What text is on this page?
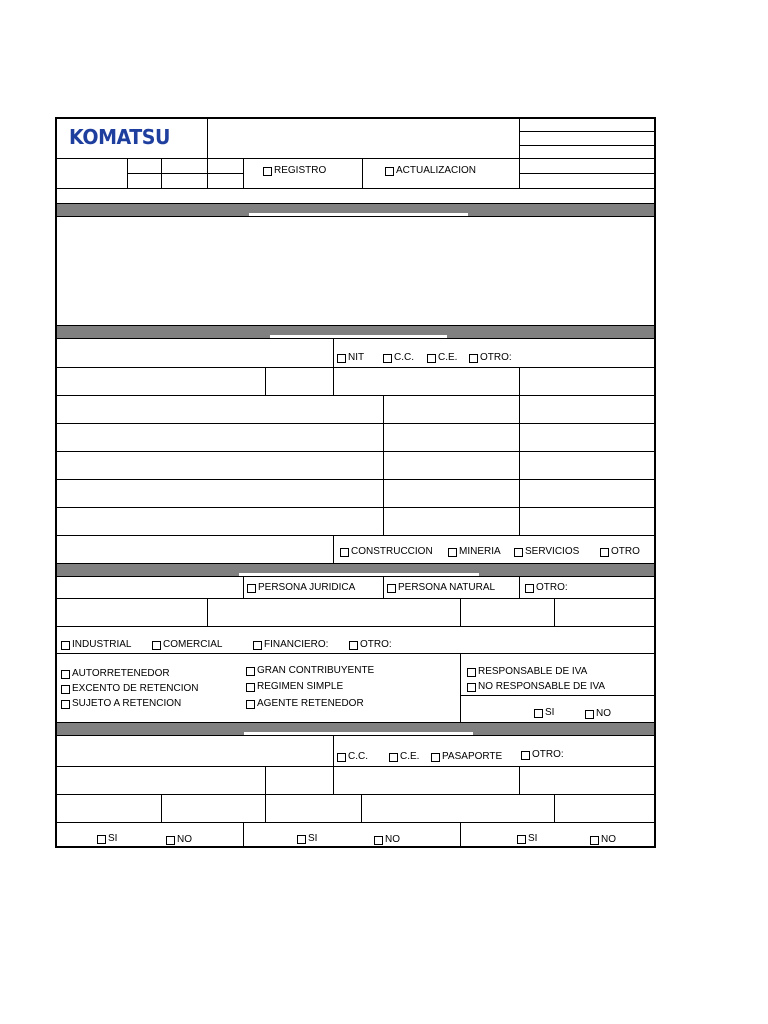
KOMATSU
REGISTRO	ACTUALIZACION
NIT	C.C. C.E. OTRO:
CONSTRUCCION	MINERIA SERVICIOS	OTRO
PERSONA JURIDICA	PERSONA NATURAL	OTRO:
INDUSTRIAL	COMERCIAL	FINANCIERO:	OTRO:
AUTORRETENEDOR
EXCENTO DE RETENCION
SUJETO A RETENCION
GRAN CONTRIBUYENTE
REGIMEN SIMPLE
AGENTE RETENEDOR
RESPONSABLE DE IVA
NO RESPONSABLE DE IVA
SI	NO
C.C.	C.E. PASAPORTE	OTRO:
SI	NO	SI	NO	SI	NO
